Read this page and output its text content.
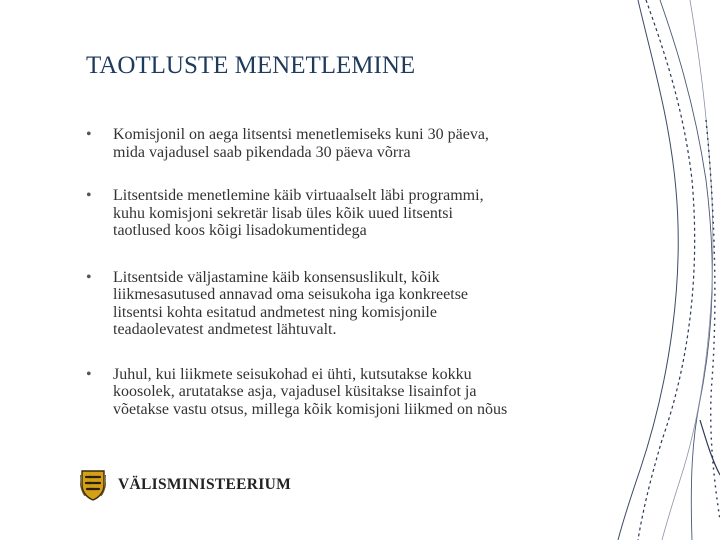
TAOTLUSTE MENETLEMINE
• Komisjonil on aega litsentsi menetlemiseks kuni 30 päeva,
mida vajadusel saab pikendada 30 päeva võrra
• Litsentside menetlemine käib virtuaalselt läbi programmi,
kuhu komisjoni sekretär lisab üles kõik uued litsentsi
taotlused koos kõigi lisadokumentidega
• Litsentside väljastamine käib konsensuslikult, kõik
liikmesasutused annavad oma seisukoha iga konkreetse
litsentsi kohta esitatud andmetest ning komisjonile
teadaolevatest andmetest lähtuvalt.
• Juhul, kui liikmete seisukohad ei ühti, kutsutakse kokku
koosolek, arutatakse asja, vajadusel küsitakse lisainfot ja
võetakse vastu otsus, millega kõik komisjoni liikmed on nõus
VÄLISMINISTEERIUM
